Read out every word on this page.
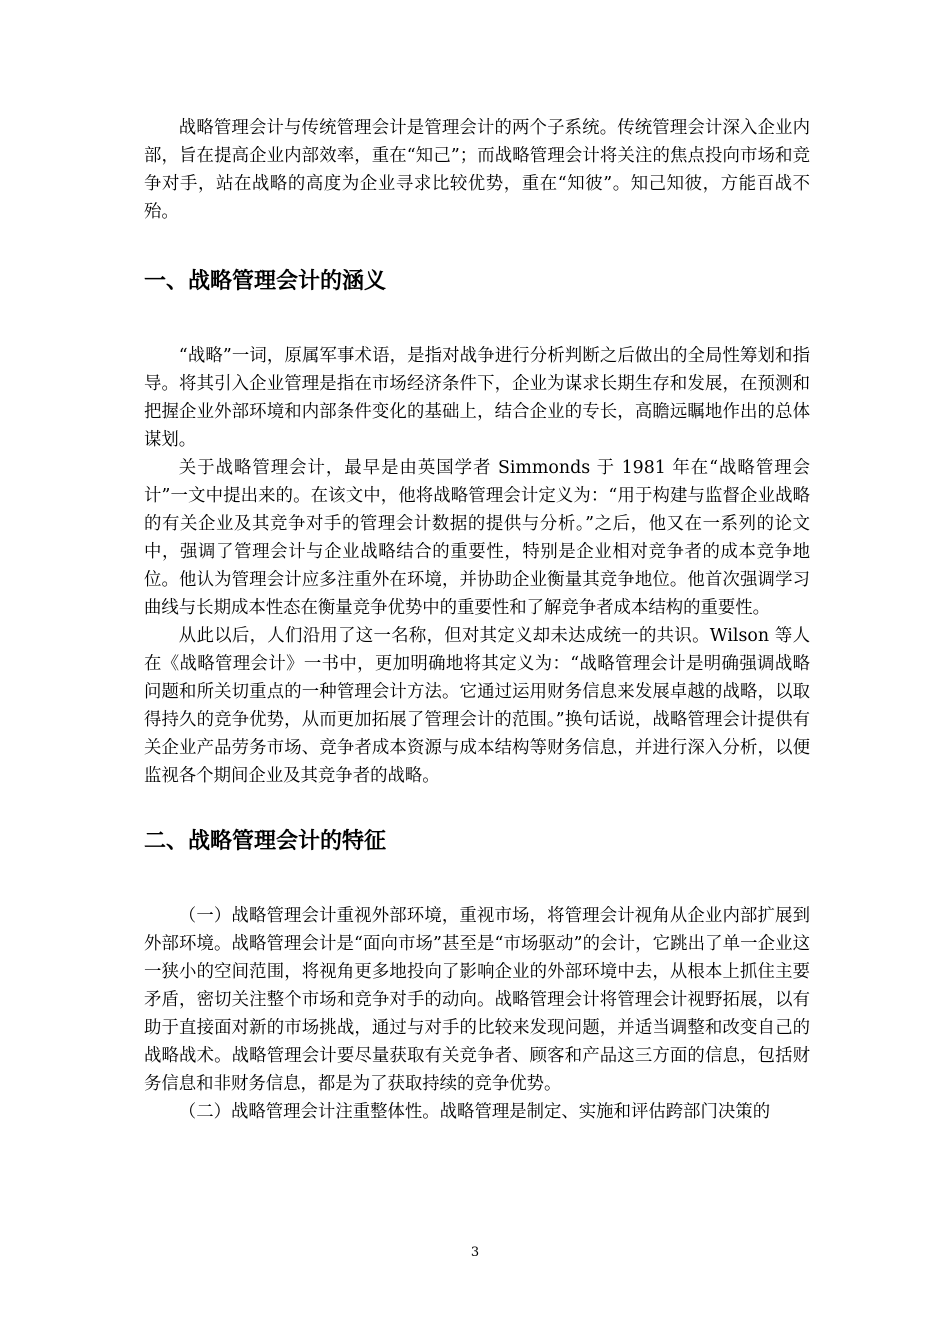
战略管理会计与传统管理会计是管理会计的两个子系统。传统管理会计深入企业内部，旨在提高企业内部效率，重在“知己”；而战略管理会计将关注的焦点投向市场和竞争对手，站在战略的高度为企业寻求比较优势，重在“知彼”。知己知彼，方能百战不殆。

一、战略管理会计的涵义

“战略”一词，原属军事术语，是指对战争进行分析判断之后做出的全局性筹划和指导。将其引入企业管理是指在市场经济条件下，企业为谋求长期生存和发展，在预测和把握企业外部环境和内部条件变化的基础上，结合企业的专长，高瞻远瞩地作出的总体谋划。

关于战略管理会计，最早是由英国学者 Simmonds 于 1981 年在“战略管理会计”一文中提出来的。在该文中，他将战略管理会计定义为：“用于构建与监督企业战略的有关企业及其竞争对手的管理会计数据的提供与分析。”之后，他又在一系列的论文中，强调了管理会计与企业战略结合的重要性，特别是企业相对竞争者的成本竞争地位。他认为管理会计应多注重外在环境，并协助企业衡量其竞争地位。他首次强调学习曲线与长期成本性态在衡量竞争优势中的重要性和了解竞争者成本结构的重要性。

从此以后，人们沿用了这一名称，但对其定义却未达成统一的共识。Wilson 等人在《战略管理会计》一书中，更加明确地将其定义为：“战略管理会计是明确强调战略问题和所关切重点的一种管理会计方法。它通过运用财务信息来发展卓越的战略，以取得持久的竞争优势，从而更加拓展了管理会计的范围。”换句话说，战略管理会计提供有关企业产品劳务市场、竞争者成本资源与成本结构等财务信息，并进行深入分析，以便监视各个期间企业及其竞争者的战略。

二、战略管理会计的特征

（一）战略管理会计重视外部环境，重视市场，将管理会计视角从企业内部扩展到外部环境。战略管理会计是“面向市场”甚至是“市场驱动”的会计，它跳出了单一企业这一狭小的空间范围，将视角更多地投向了影响企业的外部环境中去，从根本上抓住主要矛盾，密切关注整个市场和竞争对手的动向。战略管理会计将管理会计视野拓展，以有助于直接面对新的市场挑战，通过与对手的比较来发现问题，并适当调整和改变自己的战略战术。战略管理会计要尽量获取有关竞争者、顾客和产品这三方面的信息，包括财务信息和非财务信息，都是为了获取持续的竞争优势。

（二）战略管理会计注重整体性。战略管理是制定、实施和评估跨部门决策的

3
